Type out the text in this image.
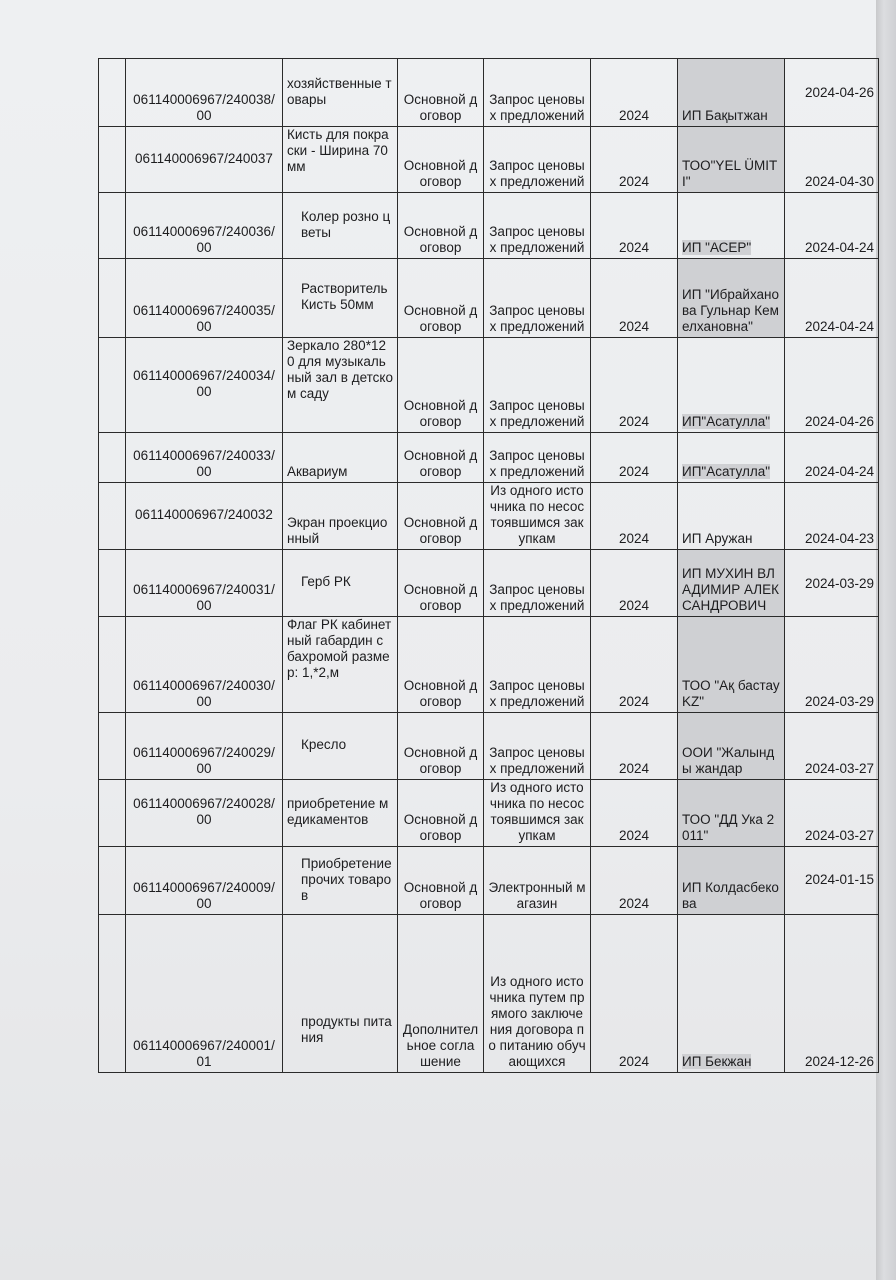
	061140006967/240038/00	хозяйственные товары	Основной договор	Запрос ценовых предложений	2024	ИП Бақытжан	2024-04-26
	061140006967/240037	Кисть для покраски - Ширина 70 мм	Основной договор	Запрос ценовых предложений	2024	ТОО"YEL ÜMITI"	2024-04-30
	061140006967/240036/00	Колер розно цветы	Основной договор	Запрос ценовых предложений	2024	ИП "АСЕР"	2024-04-24
	061140006967/240035/00	Растворитель Кисть 50мм	Основной договор	Запрос ценовых предложений	2024	ИП "Ибрайханова Гульнар Кемелхановна"	2024-04-24
	061140006967/240034/00	Зеркало 280*120 для музыкальный зал в детском саду	Основной договор	Запрос ценовых предложений	2024	ИП"Асатулла"	2024-04-26
	061140006967/240033/00	Аквариум	Основной договор	Запрос ценовых предложений	2024	ИП"Асатулла"	2024-04-24
	061140006967/240032	Экран проекционный	Основной договор	Из одного источника по несостоявшимся закупкам	2024	ИП Аружан	2024-04-23
	061140006967/240031/00	Герб РК	Основной договор	Запрос ценовых предложений	2024	ИП МУХИН ВЛАДИМИР АЛЕКСАНДРОВИЧ	2024-03-29
	061140006967/240030/00	Флаг РК кабинетный габардин с бахромой размер: 1,*2,м	Основной договор	Запрос ценовых предложений	2024	ТОО "Ақ бастау KZ"	2024-03-29
	061140006967/240029/00	Кресло	Основной договор	Запрос ценовых предложений	2024	ООИ "Жалынды жандар	2024-03-27
	061140006967/240028/00	приобретение медикаментов	Основной договор	Из одного источника по несостоявшимся закупкам	2024	ТОО "ДД Ука 2011"	2024-03-27
	061140006967/240009/00	Приобретение прочих товаров	Основной договор	Электронный магазин	2024	ИП Колдасбекова	2024-01-15
	061140006967/240001/01	продукты питания	Дополнительное соглашение	Из одного источника путем прямого заключения договора по питанию обучающихся	2024	ИП Бекжан	2024-12-26
